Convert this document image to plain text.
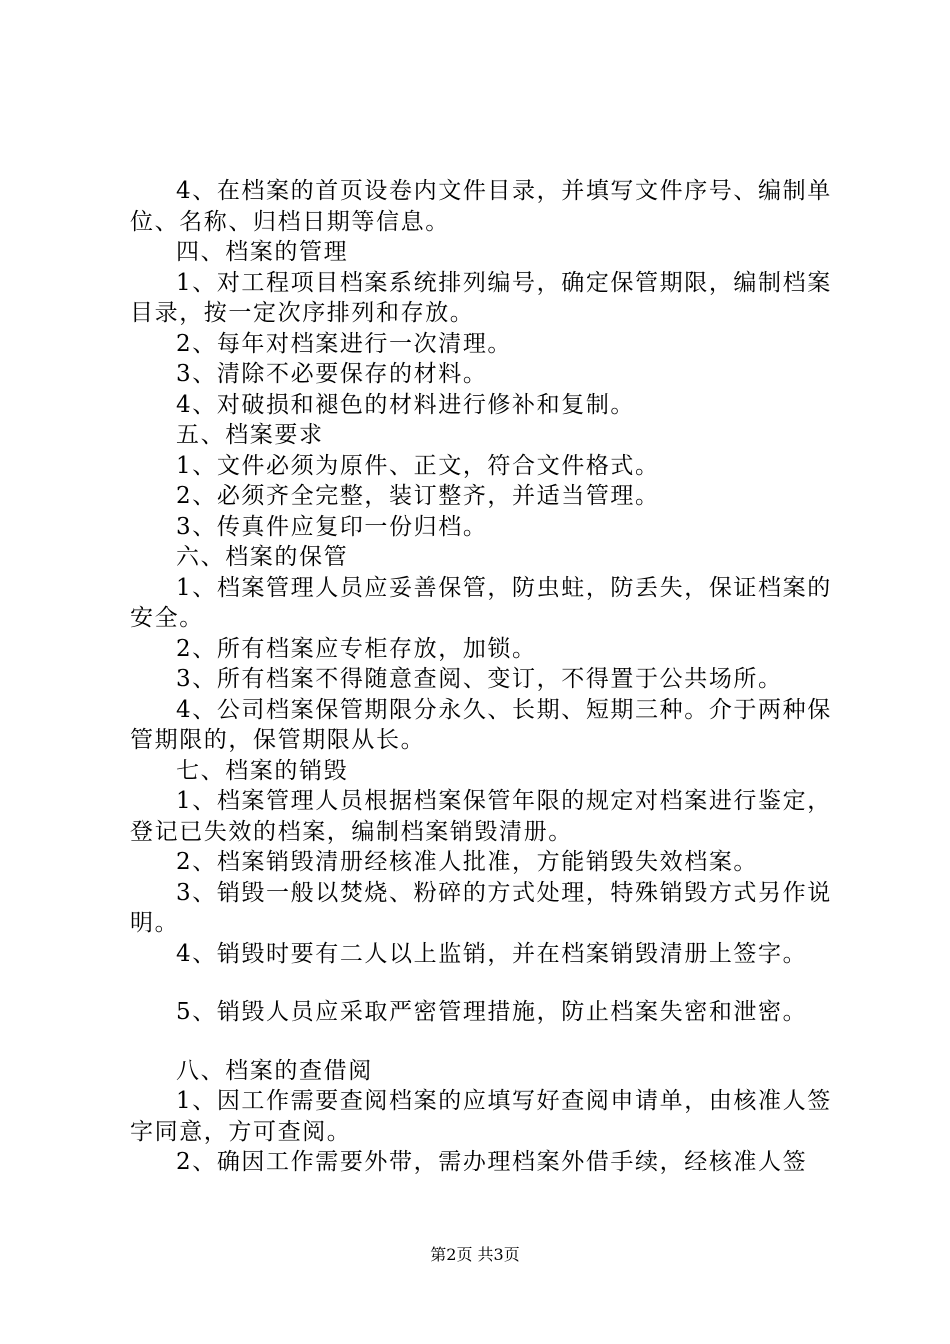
4、在档案的首页设卷内文件目录，并填写文件序号、编制单位、名称、归档日期等信息。

四、档案的管理

1、对工程项目档案系统排列编号，确定保管期限，编制档案目录，按一定次序排列和存放。

2、每年对档案进行一次清理。

3、清除不必要保存的材料。

4、对破损和褪色的材料进行修补和复制。

五、档案要求

1、文件必须为原件、正文，符合文件格式。

2、必须齐全完整，装订整齐，并适当管理。

3、传真件应复印一份归档。

六、档案的保管

1、档案管理人员应妥善保管，防虫蛀，防丢失，保证档案的安全。

2、所有档案应专柜存放，加锁。

3、所有档案不得随意查阅、变订，不得置于公共场所。

4、公司档案保管期限分永久、长期、短期三种。介于两种保管期限的，保管期限从长。

七、档案的销毁

1、档案管理人员根据档案保管年限的规定对档案进行鉴定，登记已失效的档案，编制档案销毁清册。

2、档案销毁清册经核准人批准，方能销毁失效档案。

3、销毁一般以焚烧、粉碎的方式处理，特殊销毁方式另作说明。

4、销毁时要有二人以上监销，并在档案销毁清册上签字。

5、销毁人员应采取严密管理措施，防止档案失密和泄密。

八、档案的查借阅

1、因工作需要查阅档案的应填写好查阅申请单，由核准人签字同意，方可查阅。

2、确因工作需要外带，需办理档案外借手续，经核准人签

第2页 共3页
